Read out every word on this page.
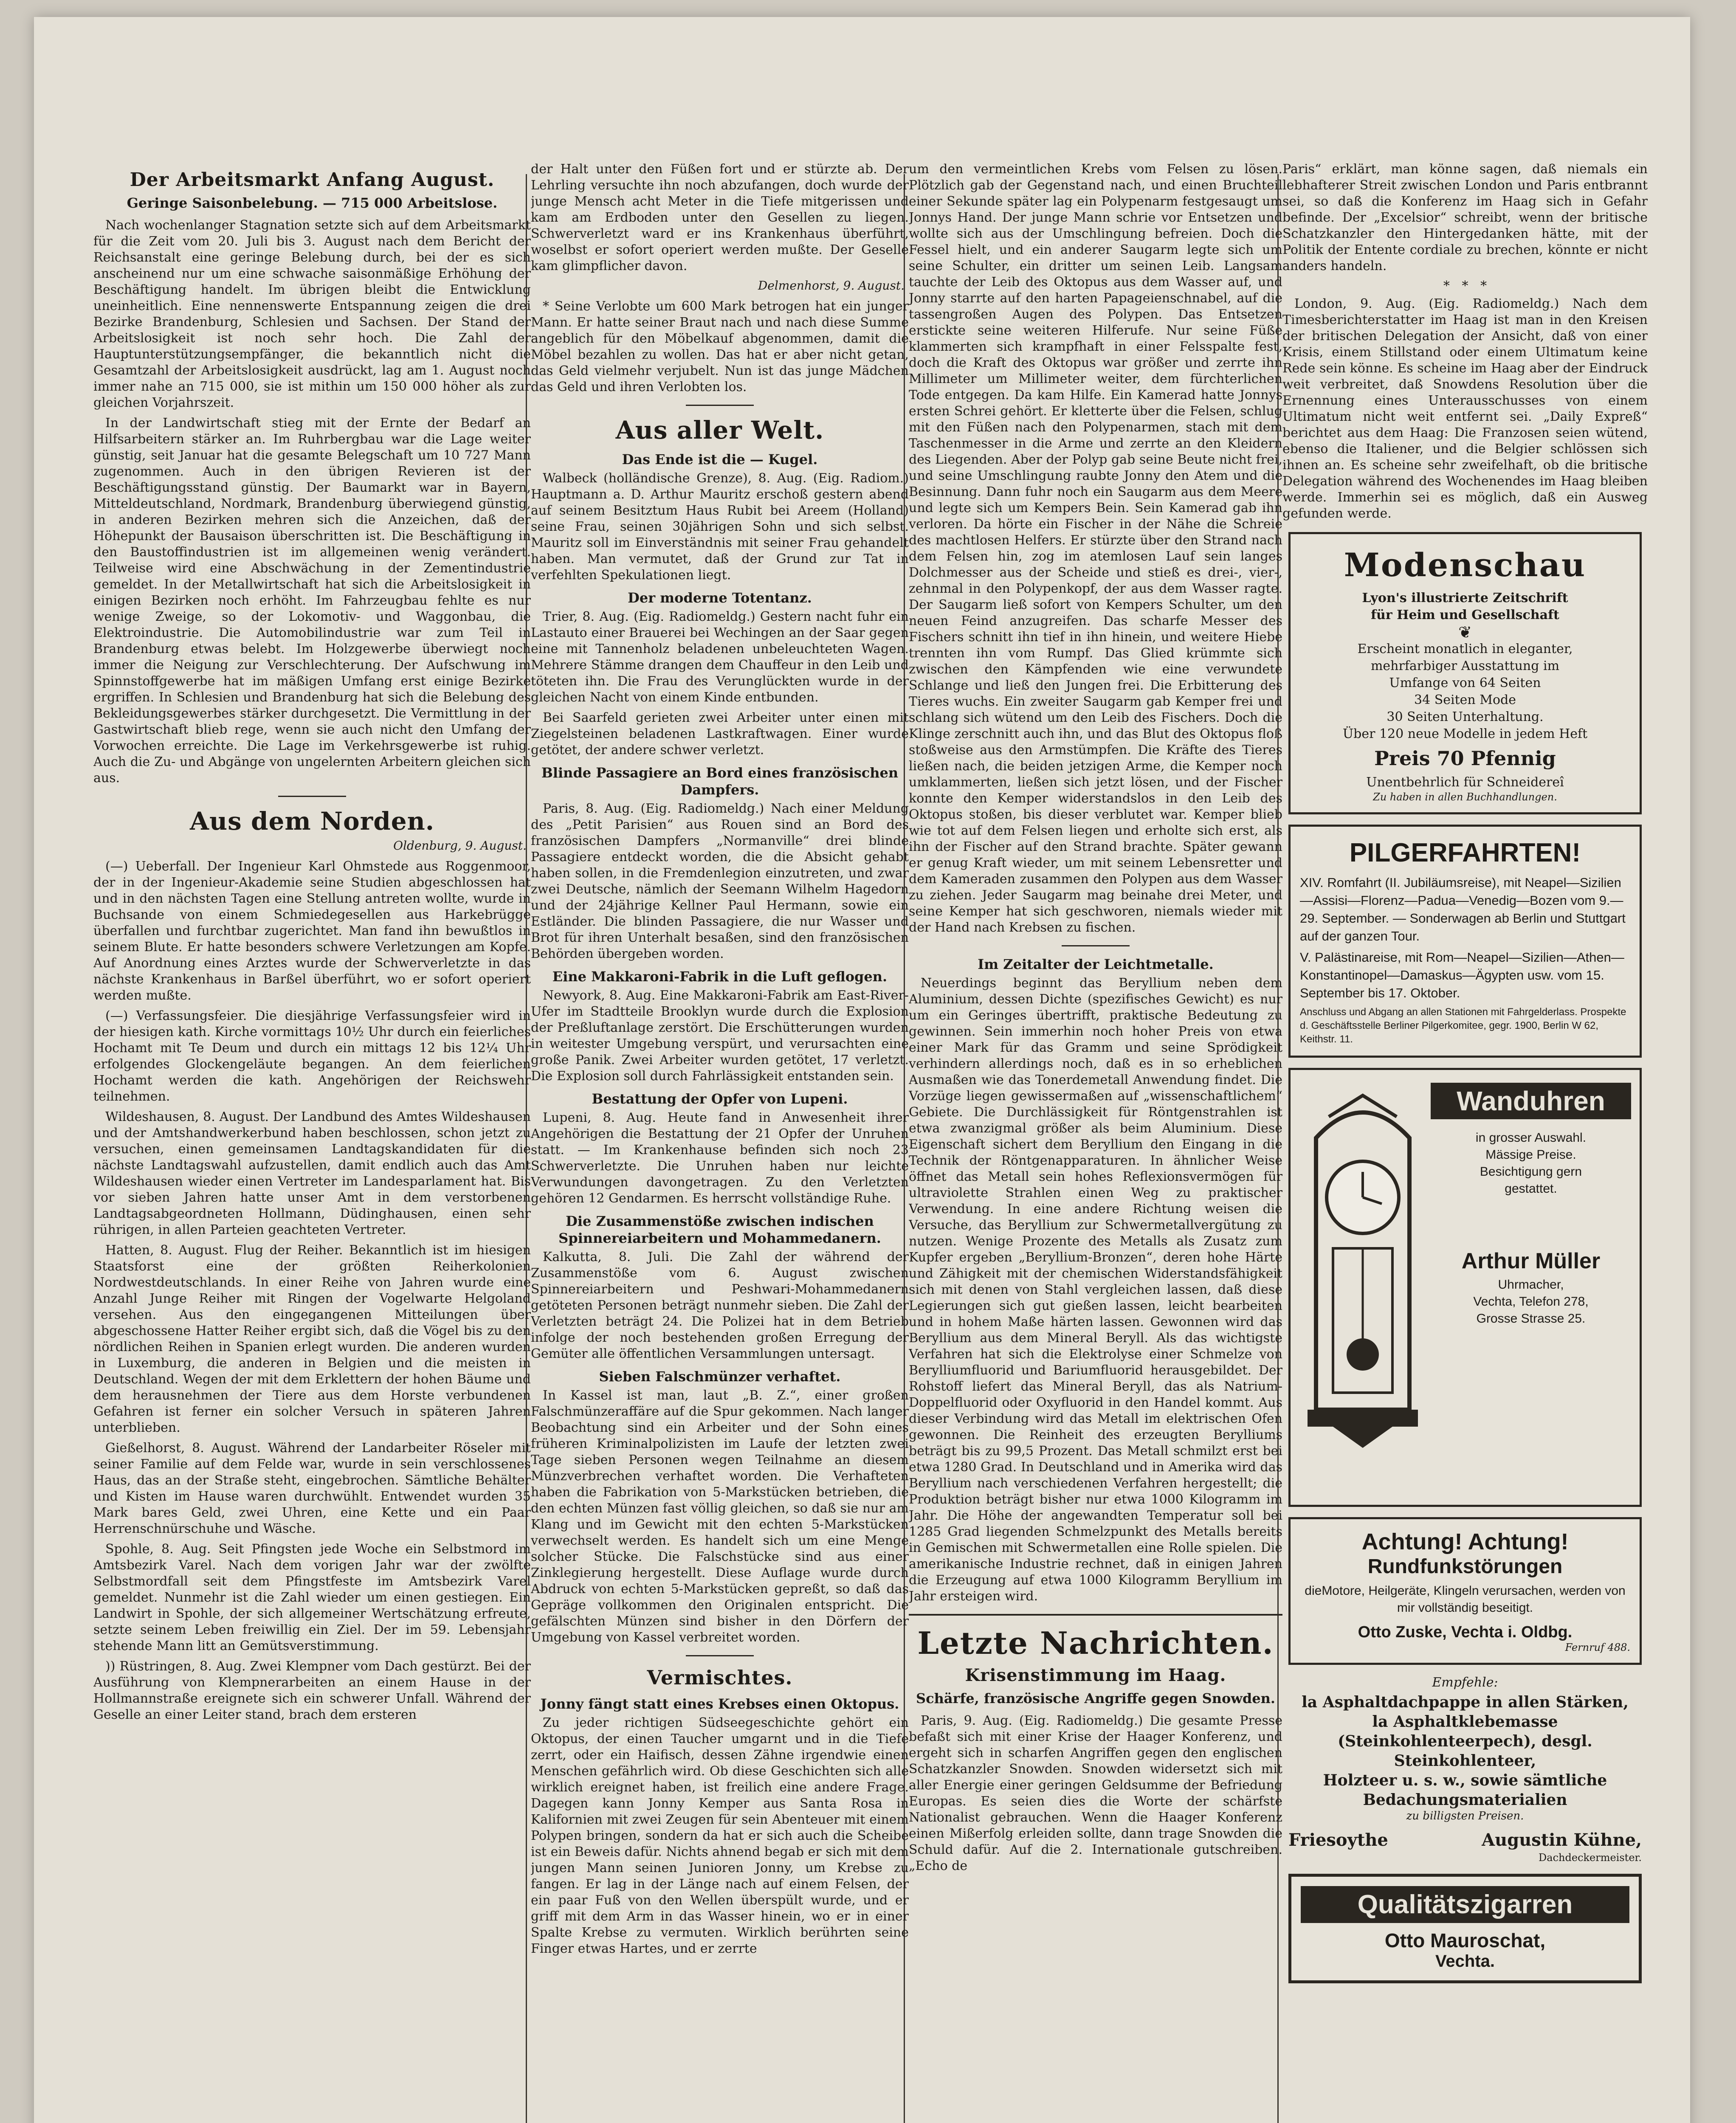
Der Arbeitsmarkt Anfang August.
Geringe Saisonbelebung. — 715 000 Arbeitslose.

Nach wochenlanger Stagnation setzte sich auf dem Arbeitsmarkt für die Zeit vom 20. Juli bis 3. August nach dem Bericht der Reichsanstalt eine geringe Belebung durch, bei der es sich anscheinend nur um eine schwache saisonmäßige Erhöhung der Beschäftigung handelt. Im übrigen bleibt die Entwicklung uneinheitlich. Eine nennenswerte Entspannung zeigen die drei Bezirke Brandenburg, Schlesien und Sachsen. Der Stand der Arbeitslosigkeit ist noch sehr hoch. Die Zahl der Hauptunterstützungsempfänger, die bekanntlich nicht die Gesamtzahl der Arbeitslosigkeit ausdrückt, lag am 1. August noch immer nahe an 715 000, sie ist mithin um 150 000 höher als zur gleichen Vorjahrszeit.

In der Landwirtschaft stieg mit der Ernte der Bedarf an Hilfsarbeitern stärker an. Im Ruhrbergbau war die Lage weiter günstig, seit Januar hat die gesamte Belegschaft um 10 727 Mann zugenommen. Auch in den übrigen Revieren ist der Beschäftigungsstand günstig. Der Baumarkt war in Bayern, Mitteldeutschland, Nordmark, Brandenburg überwiegend günstig, in anderen Bezirken mehren sich die Anzeichen, daß der Höhepunkt der Bausaison überschritten ist. Die Beschäftigung in den Baustoffindustrien ist im allgemeinen wenig verändert. Teilweise wird eine Abschwächung in der Zementindustrie gemeldet. In der Metallwirtschaft hat sich die Arbeitslosigkeit in einigen Bezirken noch erhöht. Im Fahrzeugbau fehlte es nur wenige Zweige, so der Lokomotiv- und Waggonbau, die Elektroindustrie. Die Automobilindustrie war zum Teil in Brandenburg etwas belebt. Im Holzgewerbe überwiegt noch immer die Neigung zur Verschlechterung. Der Aufschwung im Spinnstoffgewerbe hat im mäßigen Umfang erst einige Bezirke ergriffen. In Schlesien und Brandenburg hat sich die Belebung des Bekleidungsgewerbes stärker durchgesetzt. Die Vermittlung in der Gastwirtschaft blieb rege, wenn sie auch nicht den Umfang der Vorwochen erreichte. Die Lage im Verkehrsgewerbe ist ruhig. Auch die Zu- und Abgänge von ungelernten Arbeitern gleichen sich aus.

Aus dem Norden.
Oldenburg, 9. August.

(—) Ueberfall. Der Ingenieur Karl Ohmstede aus Roggenmoor, der in der Ingenieur-Akademie seine Studien abgeschlossen hat und in den nächsten Tagen eine Stellung antreten wollte, wurde in Buchsande von einem Schmiedegesellen aus Harkebrügge überfallen und furchtbar zugerichtet. Man fand ihn bewußtlos in seinem Blute. Er hatte besonders schwere Verletzungen am Kopfe. Auf Anordnung eines Arztes wurde der Schwerverletzte in das nächste Krankenhaus in Barßel überführt, wo er sofort operiert werden mußte.

(—) Verfassungsfeier. Die diesjährige Verfassungsfeier wird in der hiesigen kath. Kirche vormittags 10½ Uhr durch ein feierliches Hochamt mit Te Deum und durch ein mittags 12 bis 12¼ Uhr erfolgendes Glockengeläute begangen. An dem feierlichen Hochamt werden die kath. Angehörigen der Reichswehr teilnehmen.

Wildeshausen, 8. August. Der Landbund des Amtes Wildeshausen und der Amtshandwerkerbund haben beschlossen, schon jetzt zu versuchen, einen gemeinsamen Landtagskandidaten für die nächste Landtagswahl aufzustellen, damit endlich auch das Amt Wildeshausen wieder einen Vertreter im Landesparlament hat. Bis vor sieben Jahren hatte unser Amt in dem verstorbenen Landtagsabgeordneten Hollmann, Düdinghausen, einen sehr rührigen, in allen Parteien geachteten Vertreter.

Hatten, 8. August. Flug der Reiher. Bekanntlich ist im hiesigen Staatsforst eine der größten Reiherkolonien Nordwestdeutschlands. In einer Reihe von Jahren wurde eine Anzahl Junge Reiher mit Ringen der Vogelwarte Helgoland versehen. Aus den eingegangenen Mitteilungen über abgeschossene Hatter Reiher ergibt sich, daß die Vögel bis zu den nördlichen Reihen in Spanien erlegt wurden. Die anderen wurden in Luxemburg, die anderen in Belgien und die meisten in Deutschland. Wegen der mit dem Erklettern der hohen Bäume und dem herausnehmen der Tiere aus dem Horste verbundenen Gefahren ist ferner ein solcher Versuch in späteren Jahren unterblieben.

Gießelhorst, 8. August. Während der Landarbeiter Röseler mit seiner Familie auf dem Felde war, wurde in sein verschlossenes Haus, das an der Straße steht, eingebrochen. Sämtliche Behälter und Kisten im Hause waren durchwühlt. Entwendet wurden 35 Mark bares Geld, zwei Uhren, eine Kette und ein Paar Herrenschnürschuhe und Wäsche.

Spohle, 8. Aug. Seit Pfingsten jede Woche ein Selbstmord im Amtsbezirk Varel. Nach dem vorigen Jahr war der zwölfte Selbstmordfall seit dem Pfingstfeste im Amtsbezirk Varel gemeldet. Nunmehr ist die Zahl wieder um einen gestiegen. Ein Landwirt in Spohle, der sich allgemeiner Wertschätzung erfreute, setzte seinem Leben freiwillig ein Ziel. Der im 59. Lebensjahr stehende Mann litt an Gemütsverstimmung.

)) Rüstringen, 8. Aug. Zwei Klempner vom Dach gestürzt. Bei der Ausführung von Klempnerarbeiten an einem Hause in der Hollmannstraße ereignete sich ein schwerer Unfall. Während der Geselle an einer Leiter stand, brach dem ersteren

der Halt unter den Füßen fort und er stürzte ab. Der Lehrling versuchte ihn noch abzufangen, doch wurde der junge Mensch acht Meter in die Tiefe mitgerissen und kam am Erdboden unter den Gesellen zu liegen. Schwerverletzt ward er ins Krankenhaus überführt, woselbst er sofort operiert werden mußte. Der Geselle kam glimpflicher davon.

Delmenhorst, 9. August.

* Seine Verlobte um 600 Mark betrogen hat ein junger Mann. Er hatte seiner Braut nach und nach diese Summe angeblich für den Möbelkauf abgenommen, damit die Möbel bezahlen zu wollen. Das hat er aber nicht getan, das Geld vielmehr verjubelt. Nun ist das junge Mädchen das Geld und ihren Verlobten los.

Aus aller Welt.
Das Ende ist die — Kugel.

Walbeck (holländische Grenze), 8. Aug. (Eig. Radiom.) Hauptmann a. D. Arthur Mauritz erschoß gestern abend auf seinem Besitztum Haus Rubit bei Areem (Holland) seine Frau, seinen 30jährigen Sohn und sich selbst. Mauritz soll im Einverständnis mit seiner Frau gehandelt haben. Man vermutet, daß der Grund zur Tat in verfehlten Spekulationen liegt.

Der moderne Totentanz.

Trier, 8. Aug. (Eig. Radiomeldg.) Gestern nacht fuhr ein Lastauto einer Brauerei bei Wechingen an der Saar gegen eine mit Tannenholz beladenen unbeleuchteten Wagen. Mehrere Stämme drangen dem Chauffeur in den Leib und töteten ihn. Die Frau des Verunglückten wurde in der gleichen Nacht von einem Kinde entbunden.

Bei Saarfeld gerieten zwei Arbeiter unter einen mit Ziegelsteinen beladenen Lastkraftwagen. Einer wurde getötet, der andere schwer verletzt.

Blinde Passagiere an Bord eines französischen Dampfers.

Paris, 8. Aug. (Eig. Radiomeldg.) Nach einer Meldung des „Petit Parisien“ aus Rouen sind an Bord des französischen Dampfers „Normanville“ drei blinde Passagiere entdeckt worden, die die Absicht gehabt haben sollen, in die Fremdenlegion einzutreten, und zwar zwei Deutsche, nämlich der Seemann Wilhelm Hagedorn und der 24jährige Kellner Paul Hermann, sowie ein Estländer. Die blinden Passagiere, die nur Wasser und Brot für ihren Unterhalt besaßen, sind den französischen Behörden übergeben worden.

Eine Makkaroni-Fabrik in die Luft geflogen.

Newyork, 8. Aug. Eine Makkaroni-Fabrik am East-River-Ufer im Stadtteile Brooklyn wurde durch die Explosion der Preßluftanlage zerstört. Die Erschütterungen wurden in weitester Umgebung verspürt, und verursachten eine große Panik. Zwei Arbeiter wurden getötet, 17 verletzt. Die Explosion soll durch Fahrlässigkeit entstanden sein.

Bestattung der Opfer von Lupeni.

Lupeni, 8. Aug. Heute fand in Anwesenheit ihrer Angehörigen die Bestattung der 21 Opfer der Unruhen statt. — Im Krankenhause befinden sich noch 23 Schwerverletzte. Die Unruhen haben nur leichte Verwundungen davongetragen. Zu den Verletzten gehören 12 Gendarmen. Es herrscht vollständige Ruhe.

Die Zusammenstöße zwischen indischen Spinnereiarbeitern und Mohammedanern.

Kalkutta, 8. Juli. Die Zahl der während der Zusammenstöße vom 6. August zwischen Spinnereiarbeitern und Peshwari-Mohammedanern getöteten Personen beträgt nunmehr sieben. Die Zahl der Verletzten beträgt 24. Die Polizei hat in dem Betrieb infolge der noch bestehenden großen Erregung der Gemüter alle öffentlichen Versammlungen untersagt.

Sieben Falschmünzer verhaftet.

In Kassel ist man, laut „B. Z.“, einer großen Falschmünzeraffäre auf die Spur gekommen. Nach langer Beobachtung sind ein Arbeiter und der Sohn eines früheren Kriminalpolizisten im Laufe der letzten zwei Tage sieben Personen wegen Teilnahme an diesem Münzverbrechen verhaftet worden. Die Verhafteten haben die Fabrikation von 5-Markstücken betrieben, die den echten Münzen fast völlig gleichen, so daß sie nur am Klang und im Gewicht mit den echten 5-Markstücken verwechselt werden. Es handelt sich um eine Menge solcher Stücke. Die Falschstücke sind aus einer Zinklegierung hergestellt. Diese Auflage wurde durch Abdruck von echten 5-Markstücken gepreßt, so daß das Gepräge vollkommen den Originalen entspricht. Die gefälschten Münzen sind bisher in den Dörfern der Umgebung von Kassel verbreitet worden.

Vermischtes.
Jonny fängt statt eines Krebses einen Oktopus.

Zu jeder richtigen Südseegeschichte gehört ein Oktopus, der einen Taucher umgarnt und in die Tiefe zerrt, oder ein Haifisch, dessen Zähne irgendwie einen Menschen gefährlich wird. Ob diese Geschichten sich alle wirklich ereignet haben, ist freilich eine andere Frage. Dagegen kann Jonny Kemper aus Santa Rosa in Kalifornien mit zwei Zeugen für sein Abenteuer mit einem Polypen bringen, sondern da hat er sich auch die Scheibe ist ein Beweis dafür. Nichts ahnend begab er sich mit dem jungen Mann seinen Junioren Jonny, um Krebse zu fangen. Er lag in der Länge nach auf einem Felsen, der ein paar Fuß von den Wellen überspült wurde, und er griff mit dem Arm in das Wasser hinein, wo er in einer Spalte Krebse zu vermuten. Wirklich berührten seine Finger etwas Hartes, und er zerrte

um den vermeintlichen Krebs vom Felsen zu lösen. Plötzlich gab der Gegenstand nach, und einen Bruchteil einer Sekunde später lag ein Polypenarm festgesaugt um Jonnys Hand. Der junge Mann schrie vor Entsetzen und wollte sich aus der Umschlingung befreien. Doch die Fessel hielt, und ein anderer Saugarm legte sich um seine Schulter, ein dritter um seinen Leib. Langsam tauchte der Leib des Oktopus aus dem Wasser auf, und Jonny starrte auf den harten Papageienschnabel, auf die tassengroßen Augen des Polypen. Das Entsetzen erstickte seine weiteren Hilferufe. Nur seine Füße klammerten sich krampfhaft in einer Felsspalte fest, doch die Kraft des Oktopus war größer und zerrte ihn Millimeter um Millimeter weiter, dem fürchterlichen Tode entgegen. Da kam Hilfe. Ein Kamerad hatte Jonnys ersten Schrei gehört. Er kletterte über die Felsen, schlug mit den Füßen nach den Polypenarmen, stach mit dem Taschenmesser in die Arme und zerrte an den Kleidern des Liegenden. Aber der Polyp gab seine Beute nicht frei, und seine Umschlingung raubte Jonny den Atem und die Besinnung. Dann fuhr noch ein Saugarm aus dem Meere und legte sich um Kempers Bein. Sein Kamerad gab ihn verloren. Da hörte ein Fischer in der Nähe die Schreie des machtlosen Helfers. Er stürzte über den Strand nach dem Felsen hin, zog im atemlosen Lauf sein langes Dolchmesser aus der Scheide und stieß es drei-, vier-, zehnmal in den Polypenkopf, der aus dem Wasser ragte. Der Saugarm ließ sofort von Kempers Schulter, um den neuen Feind anzugreifen. Das scharfe Messer des Fischers schnitt ihn tief in ihn hinein, und weitere Hiebe trennten ihn vom Rumpf. Das Glied krümmte sich zwischen den Kämpfenden wie eine verwundete Schlange und ließ den Jungen frei. Die Erbitterung des Tieres wuchs. Ein zweiter Saugarm gab Kemper frei und schlang sich wütend um den Leib des Fischers. Doch die Klinge zerschnitt auch ihn, und das Blut des Oktopus floß stoßweise aus den Armstümpfen. Die Kräfte des Tieres ließen nach, die beiden jetzigen Arme, die Kemper noch umklammerten, ließen sich jetzt lösen, und der Fischer konnte den Kemper widerstandslos in den Leib des Oktopus stoßen, bis dieser verblutet war. Kemper blieb wie tot auf dem Felsen liegen und erholte sich erst, als ihn der Fischer auf den Strand brachte. Später gewann er genug Kraft wieder, um mit seinem Lebensretter und dem Kameraden zusammen den Polypen aus dem Wasser zu ziehen. Jeder Saugarm mag beinahe drei Meter, und seine Kemper hat sich geschworen, niemals wieder mit der Hand nach Krebsen zu fischen.

Im Zeitalter der Leichtmetalle.

Neuerdings beginnt das Beryllium neben dem Aluminium, dessen Dichte (spezifisches Gewicht) es nur um ein Geringes übertrifft, praktische Bedeutung zu gewinnen. Sein immerhin noch hoher Preis von etwa einer Mark für das Gramm und seine Sprödigkeit verhindern allerdings noch, daß es in so erheblichen Ausmaßen wie das Tonerdemetall Anwendung findet. Die Vorzüge liegen gewissermaßen auf „wissenschaftlichem“ Gebiete. Die Durchlässigkeit für Röntgenstrahlen ist etwa zwanzigmal größer als beim Aluminium. Diese Eigenschaft sichert dem Beryllium den Eingang in die Technik der Röntgenapparaturen. In ähnlicher Weise öffnet das Metall sein hohes Reflexionsvermögen für ultraviolette Strahlen einen Weg zu praktischer Verwendung. In eine andere Richtung weisen die Versuche, das Beryllium zur Schwermetallvergütung zu nutzen. Wenige Prozente des Metalls als Zusatz zum Kupfer ergeben „Beryllium-Bronzen“, deren hohe Härte und Zähigkeit mit der chemischen Widerstandsfähigkeit sich mit denen von Stahl vergleichen lassen, daß diese Legierungen sich gut gießen lassen, leicht bearbeiten und in hohem Maße härten lassen. Gewonnen wird das Beryllium aus dem Mineral Beryll. Als das wichtigste Verfahren hat sich die Elektrolyse einer Schmelze von Berylliumfluorid und Bariumfluorid herausgebildet. Der Rohstoff liefert das Mineral Beryll, das als Natrium-Doppelfluorid oder Oxyfluorid in den Handel kommt. Aus dieser Verbindung wird das Metall im elektrischen Ofen gewonnen. Die Reinheit des erzeugten Berylliums beträgt bis zu 99,5 Prozent. Das Metall schmilzt erst bei etwa 1280 Grad. In Deutschland und in Amerika wird das Beryllium nach verschiedenen Verfahren hergestellt; die Produktion beträgt bisher nur etwa 1000 Kilogramm im Jahr. Die Höhe der angewandten Temperatur soll bei 1285 Grad liegenden Schmelzpunkt des Metalls bereits in Gemischen mit Schwermetallen eine Rolle spielen. Die amerikanische Industrie rechnet, daß in einigen Jahren die Erzeugung auf etwa 1000 Kilogramm Beryllium im Jahr ersteigen wird.

Letzte Nachrichten.
Krisenstimmung im Haag.
Schärfe, französische Angriffe gegen Snowden.

Paris, 9. Aug. (Eig. Radiomeldg.) Die gesamte Presse befaßt sich mit einer Krise der Haager Konferenz, und ergeht sich in scharfen Angriffen gegen den englischen Schatzkanzler Snowden. Snowden widersetzt sich mit aller Energie einer geringen Geldsumme der Befriedung Europas. Es seien dies die Worte der schärfste Nationalist gebrauchen. Wenn die Haager Konferenz einen Mißerfolg erleiden sollte, dann trage Snowden die Schuld dafür. Auf die 2. Internationale gutschreiben. „Echo de

Paris“ erklärt, man könne sagen, daß niemals ein lebhafterer Streit zwischen London und Paris entbrannt sei, so daß die Konferenz im Haag sich in Gefahr befinde. Der „Excelsior“ schreibt, wenn der britische Schatzkanzler den Hintergedanken hätte, mit der Politik der Entente cordiale zu brechen, könnte er nicht anders handeln.

*   *   *

London, 9. Aug. (Eig. Radiomeldg.) Nach dem Timesberichterstatter im Haag ist man in den Kreisen der britischen Delegation der Ansicht, daß von einer Krisis, einem Stillstand oder einem Ultimatum keine Rede sein könne. Es scheine im Haag aber der Eindruck weit verbreitet, daß Snowdens Resolution über die Ernennung eines Unterausschusses von einem Ultimatum nicht weit entfernt sei. „Daily Expreß“ berichtet aus dem Haag: Die Franzosen seien wütend, ebenso die Italiener, und die Belgier schlössen sich ihnen an. Es scheine sehr zweifelhaft, ob die britische Delegation während des Wochenendes im Haag bleiben werde. Immerhin sei es möglich, daß ein Ausweg gefunden werde.

Modenschau
Lyon's illustrierte Zeitschrift
für Heim und Gesellschaft
❦
Erscheint monatlich in eleganter,
mehrfarbiger Ausstattung im
Umfange von 64 Seiten
34 Seiten Mode
30 Seiten Unterhaltung.
Über 120 neue Modelle in jedem Heft
Preis 70 Pfennig
Unentbehrlich für Schneidereî
Zu haben in allen Buchhandlungen.
PILGERFAHRTEN!
XIV. Romfahrt (II. Jubiläumsreise), mit Neapel—Sizilien—Assisi—Florenz—Padua—Venedig—Bozen vom 9.—29. September. — Sonderwagen ab Berlin und Stuttgart auf der ganzen Tour.
V. Palästinareise, mit Rom—Neapel—Sizilien—Athen—Konstantinopel—Damaskus—Ägypten usw. vom 15. September bis 17. Oktober.
Anschluss und Abgang an allen Stationen mit Fahrgelderlass. Prospekte d. Geschäftsstelle Berliner Pilgerkomitee, gegr. 1900, Berlin W 62, Keithstr. 11.
Wanduhren
in grosser Auswahl.
Mässige Preise.
Besichtigung gern
gestattet.
Arthur Müller
Uhrmacher,
Vechta, Telefon 278,
Grosse Strasse 25.
Achtung! Achtung!
Rundfunkstörungen
dieMotore, Heilgeräte, Klingeln verursachen, werden von
mir vollständig beseitigt.
Otto Zuske, Vechta i. Oldbg.
Fernruf 488.
Empfehle:
la Asphaltdachpappe in allen Stärken,
la Asphaltklebemasse (Steinkohlenteerpech), desgl. Steinkohlenteer,
Holzteer u. s. w., sowie sämtliche
Bedachungsmaterialien
zu billigsten Preisen.
Friesoythe	Augustin Kühne,
Dachdeckermeister.
Qualitätszigarren
Otto Mauroschat,
Vechta.
